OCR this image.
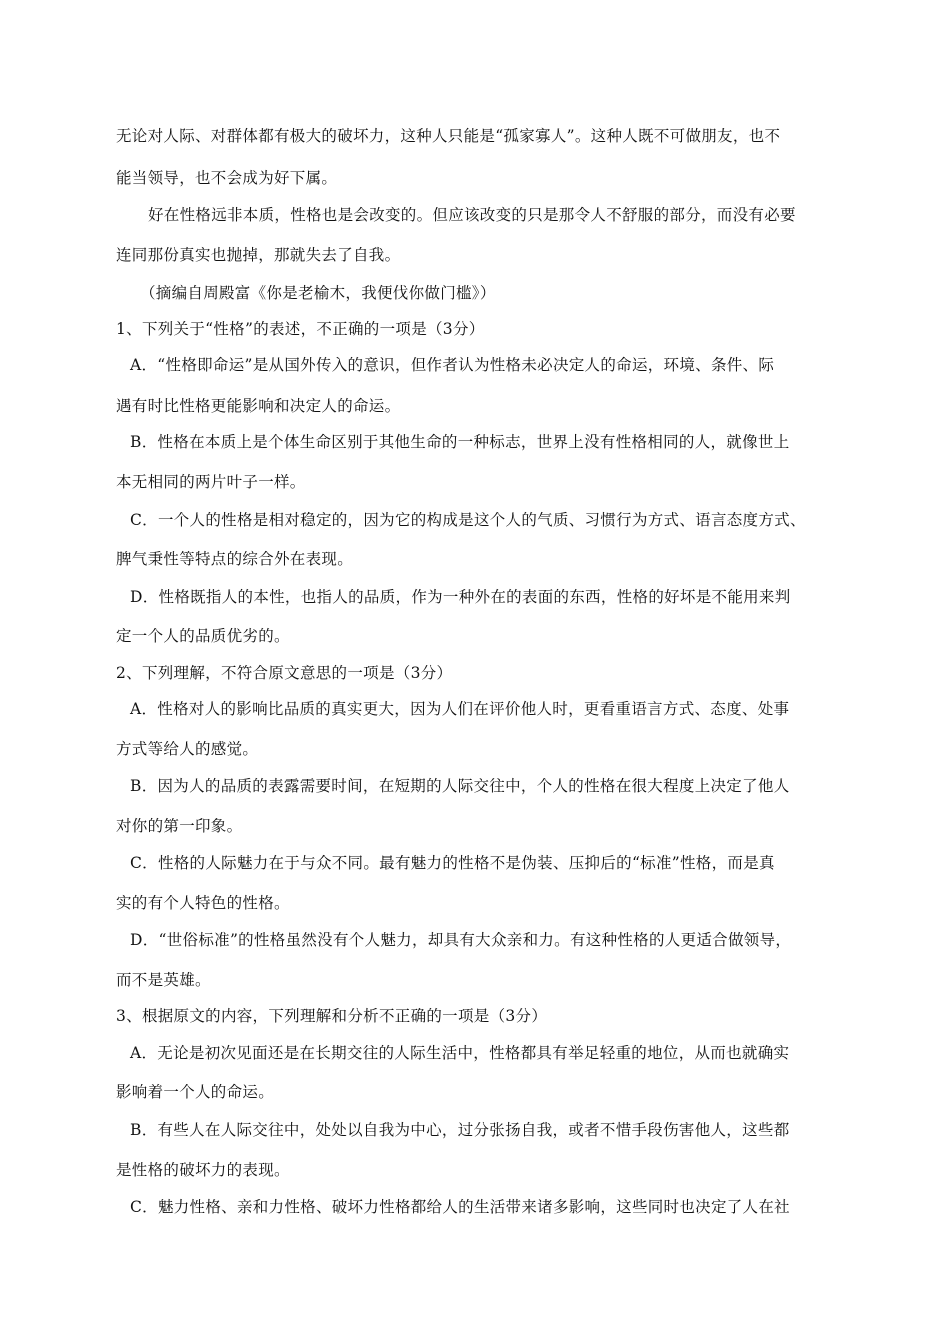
无论对人际、对群体都有极大的破坏力，这种人只能是“孤家寡人”。这种人既不可做朋友，也不
能当领导，也不会成为好下属。
好在性格远非本质，性格也是会改变的。但应该改变的只是那令人不舒服的部分，而没有必要
连同那份真实也抛掉，那就失去了自我。
（摘编自周殿富《你是老榆木，我便伐你做门槛》）
1、下列关于“性格”的表述，不正确的一项是（3分）
A．“性格即命运”是从国外传入的意识，但作者认为性格未必决定人的命运，环境、条件、际
遇有时比性格更能影响和决定人的命运。
B．性格在本质上是个体生命区别于其他生命的一种标志，世界上没有性格相同的人，就像世上
本无相同的两片叶子一样。
C．一个人的性格是相对稳定的，因为它的构成是这个人的气质、习惯行为方式、语言态度方式、
脾气秉性等特点的综合外在表现。
D．性格既指人的本性，也指人的品质，作为一种外在的表面的东西，性格的好坏是不能用来判
定一个人的品质优劣的。
2、下列理解，不符合原文意思的一项是（3分）
A．性格对人的影响比品质的真实更大，因为人们在评价他人时，更看重语言方式、态度、处事
方式等给人的感觉。
B．因为人的品质的表露需要时间，在短期的人际交往中，个人的性格在很大程度上决定了他人
对你的第一印象。
C．性格的人际魅力在于与众不同。最有魅力的性格不是伪装、压抑后的“标准”性格，而是真
实的有个人特色的性格。
D．“世俗标准”的性格虽然没有个人魅力，却具有大众亲和力。有这种性格的人更适合做领导，
而不是英雄。
3、根据原文的内容，下列理解和分析不正确的一项是（3分）
A．无论是初次见面还是在长期交往的人际生活中，性格都具有举足轻重的地位，从而也就确实
影响着一个人的命运。
B．有些人在人际交往中，处处以自我为中心，过分张扬自我，或者不惜手段伤害他人，这些都
是性格的破坏力的表现。
C．魅力性格、亲和力性格、破坏力性格都给人的生活带来诸多影响，这些同时也决定了人在社
